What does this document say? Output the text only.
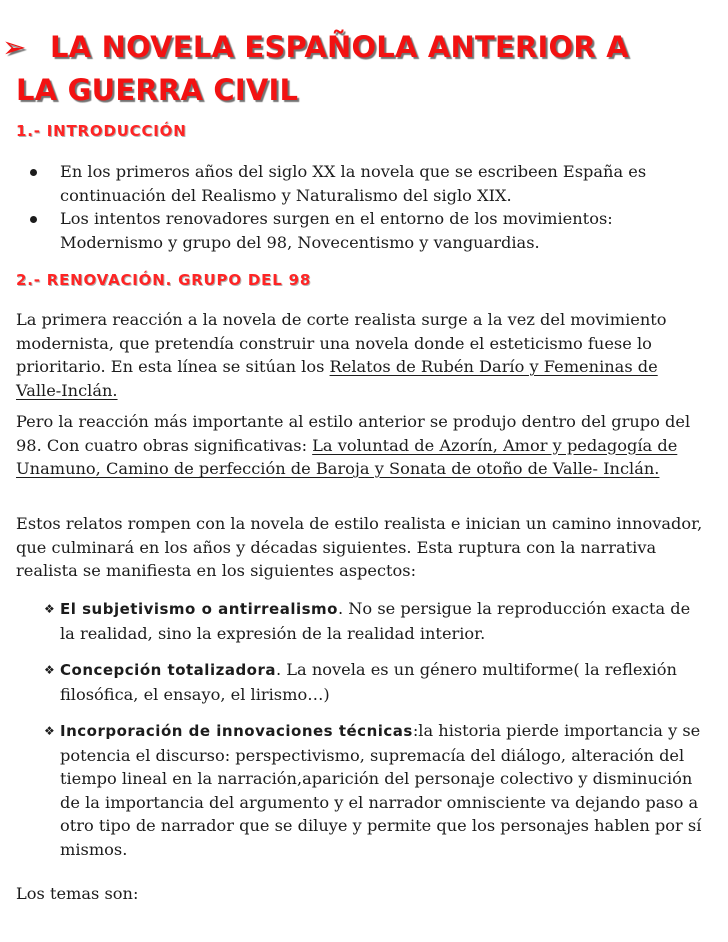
➢ LA NOVELA ESPAÑOLA ANTERIOR A
LA GUERRA CIVIL
1.- INTRODUCCIÓN
En los primeros años del siglo XX la novela que se escribeen España es continuación del Realismo y Naturalismo del siglo XIX.
Los intentos renovadores surgen en el entorno de los movimientos: Modernismo y grupo del 98, Novecentismo y vanguardias.
2.- RENOVACIÓN. GRUPO DEL 98

La primera reacción a la novela de corte realista surge a la vez del movimiento modernista, que pretendía construir una novela donde el esteticismo fuese lo prioritario. En esta línea se sitúan los Relatos de Rubén Darío y Femeninas de Valle-Inclán.

Pero la reacción más importante al estilo anterior se produjo dentro del grupo del 98. Con cuatro obras significativas: La voluntad de Azorín, Amor y pedagogía de Unamuno, Camino de perfección de Baroja y Sonata de otoño de Valle- Inclán.

Estos relatos rompen con la novela de estilo realista e inician un camino innovador, que culminará en los años y décadas siguientes. Esta ruptura con la narrativa realista se manifiesta en los siguientes aspectos:

❖ El subjetivismo o antirrealismo. No se persigue la reproducción exacta de la realidad, sino la expresión de la realidad interior.
❖ Concepción totalizadora. La novela es un género multiforme( la reflexión filosófica, el ensayo, el lirismo…)
❖ Incorporación de innovaciones técnicas:la historia pierde importancia y se potencia el discurso: perspectivismo, supremacía del diálogo, alteración del tiempo lineal en la narración,aparición del personaje colectivo y disminución de la importancia del argumento y el narrador omnisciente va dejando paso a otro tipo de narrador que se diluye y permite que los personajes hablen por sí mismos.

Los temas son:
